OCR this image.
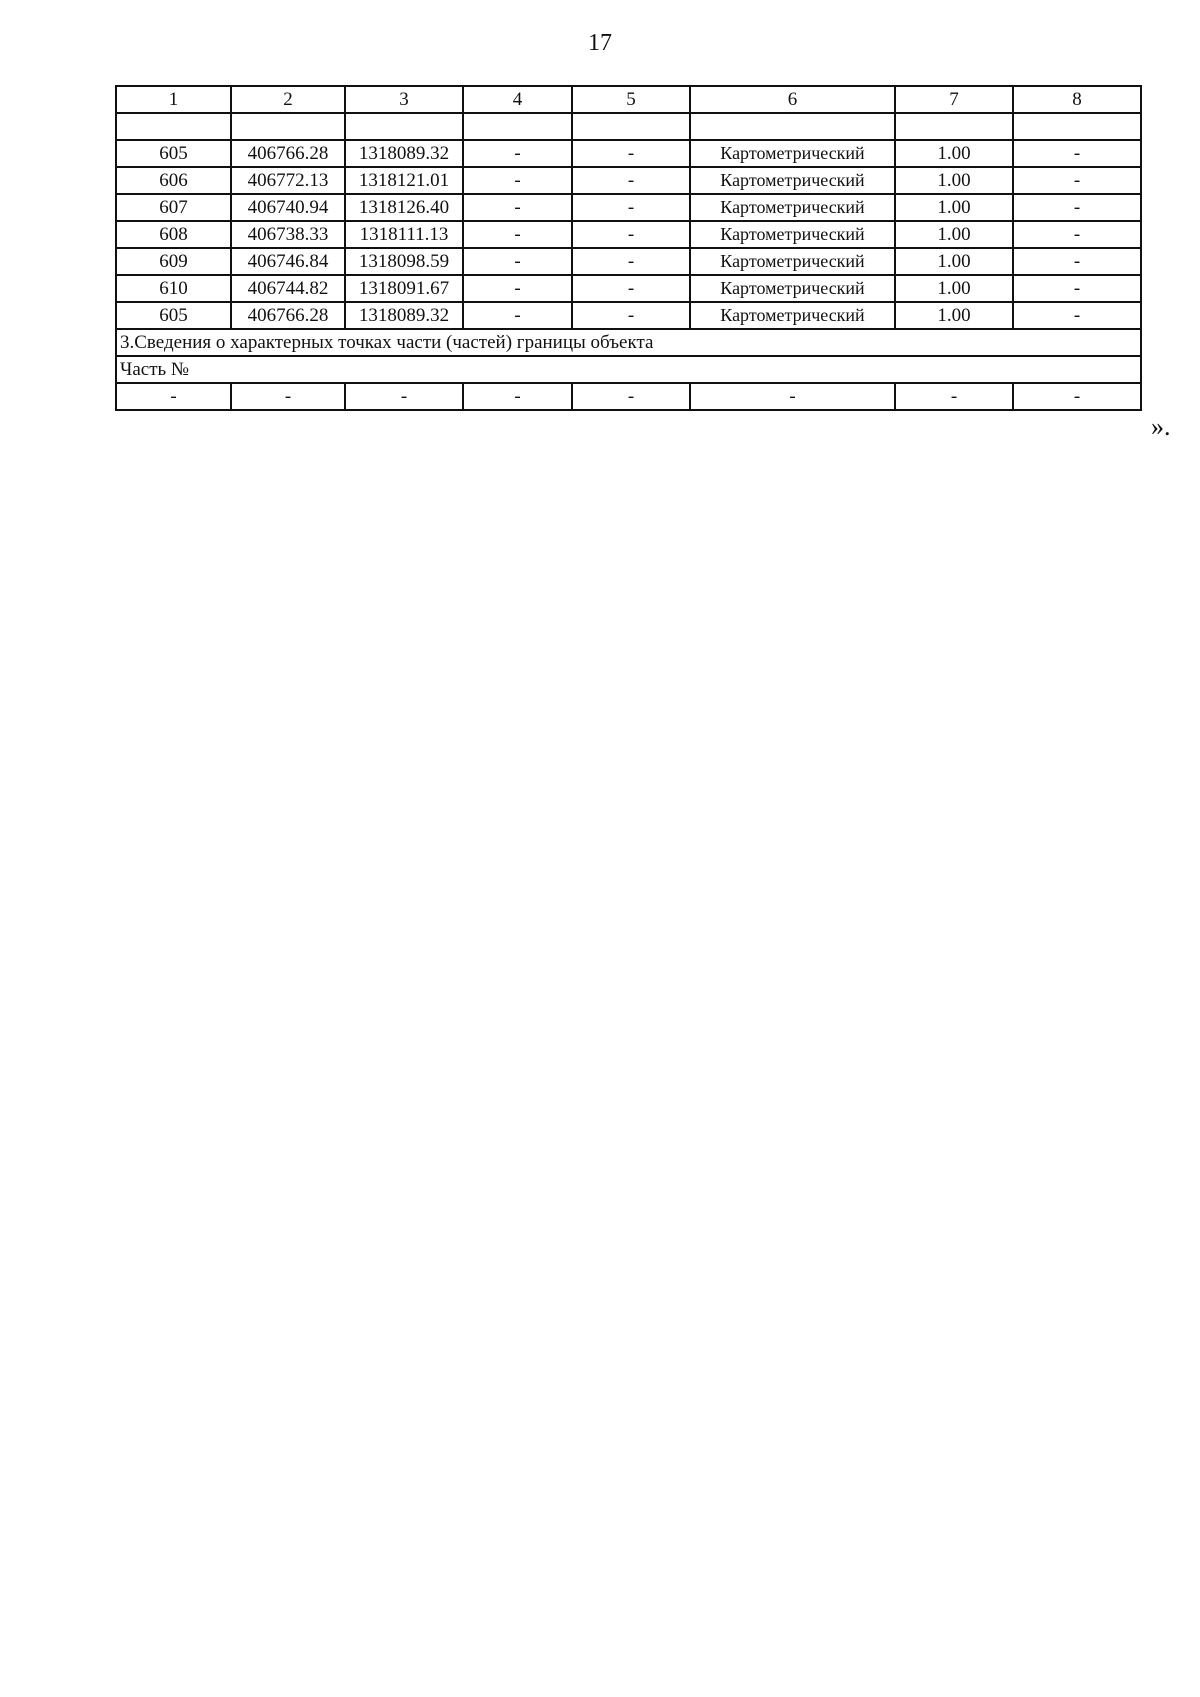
17
1	2	3	4	5	6	7	8

605	406766.28	1318089.32	-	-	Картометрический	1.00	-
606	406772.13	1318121.01	-	-	Картометрический	1.00	-
607	406740.94	1318126.40	-	-	Картометрический	1.00	-
608	406738.33	1318111.13	-	-	Картометрический	1.00	-
609	406746.84	1318098.59	-	-	Картометрический	1.00	-
610	406744.82	1318091.67	-	-	Картометрический	1.00	-
605	406766.28	1318089.32	-	-	Картометрический	1.00	-
3.Сведения о характерных точках части (частей) границы объекта							
Часть №							
-	-	-	-	-	-	-	-
».
